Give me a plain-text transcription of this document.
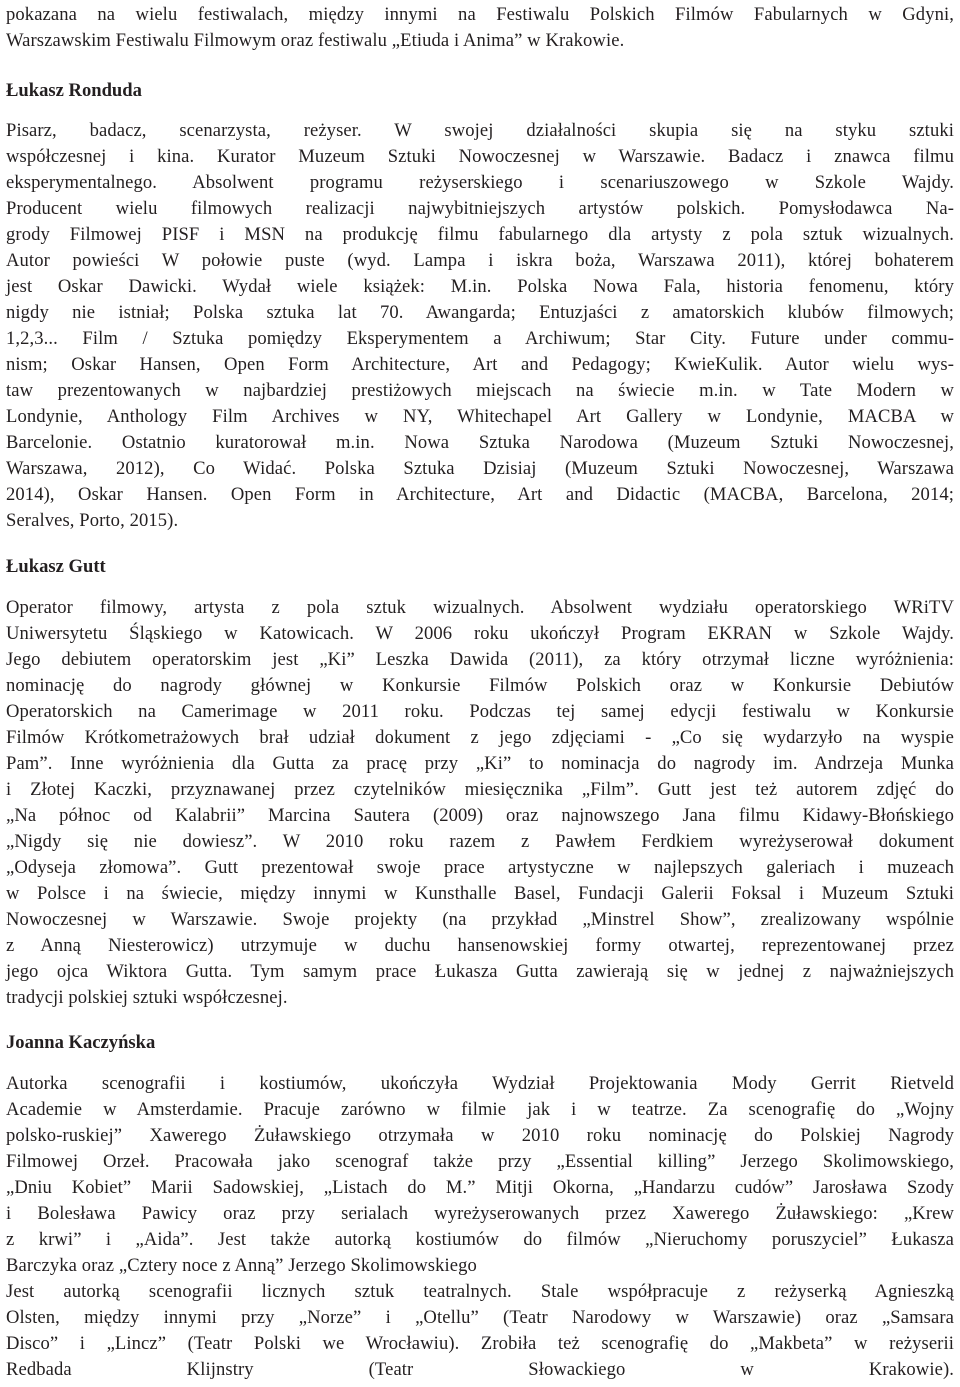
pokazana na wielu festiwalach, między innymi na Festiwalu Polskich Filmów Fabularnych w Gdyni,
Warszawskim Festiwalu Filmowym oraz festiwalu „Etiuda i Anima” w Krakowie.
Łukasz Ronduda
Pisarz, badacz, scenarzysta, reżyser. W swojej działalności skupia się na styku sztuki
współczesnej i kina. Kurator Muzeum Sztuki Nowoczesnej w Warszawie. Badacz i znawca filmu
eksperymentalnego. Absolwent programu reżyserskiego i scenariuszowego w Szkole Wajdy.
Producent wielu filmowych realizacji najwybitniejszych artystów polskich. Pomysłodawca Na-
grody Filmowej PISF i MSN na produkcję filmu fabularnego dla artysty z pola sztuk wizualnych.
Autor powieści W połowie puste (wyd. Lampa i iskra boża, Warszawa 2011), której bohaterem
jest Oskar Dawicki. Wydał wiele książek: M.in. Polska Nowa Fala, historia fenomenu, który
nigdy nie istniał; Polska sztuka lat 70. Awangarda; Entuzjaści z amatorskich klubów filmowych;
1,2,3... Film / Sztuka pomiędzy Eksperymentem a Archiwum; Star City. Future under commu-
nism; Oskar Hansen, Open Form Architecture, Art and Pedagogy; KwieKulik. Autor wielu wys-
taw prezentowanych w najbardziej prestiżowych miejscach na świecie m.in. w Tate Modern w
Londynie, Anthology Film Archives w NY, Whitechapel Art Gallery w Londynie, MACBA w
Barcelonie. Ostatnio kuratorował m.in. Nowa Sztuka Narodowa (Muzeum Sztuki Nowoczesnej,
Warszawa, 2012), Co Widać. Polska Sztuka Dzisiaj (Muzeum Sztuki Nowoczesnej, Warszawa
2014), Oskar Hansen. Open Form in Architecture, Art and Didactic (MACBA, Barcelona, 2014;
Seralves, Porto, 2015).
Łukasz Gutt
Operator filmowy, artysta z pola sztuk wizualnych. Absolwent wydziału operatorskiego WRiTV
Uniwersytetu Śląskiego w Katowicach. W 2006 roku ukończył Program EKRAN w Szkole Wajdy.
Jego debiutem operatorskim jest „Ki” Leszka Dawida (2011), za który otrzymał liczne wyróżnienia:
nominację do nagrody głównej w Konkursie Filmów Polskich oraz w Konkursie Debiutów
Operatorskich na Camerimage w 2011 roku. Podczas tej samej edycji festiwalu w Konkursie
Filmów Krótkometrażowych brał udział dokument z jego zdjęciami - „Co się wydarzyło na wyspie
Pam”. Inne wyróżnienia dla Gutta za pracę przy „Ki” to nominacja do nagrody im. Andrzeja Munka
i Złotej Kaczki, przyznawanej przez czytelników miesięcznika „Film”. Gutt jest też autorem zdjęć do
„Na północ od Kalabrii” Marcina Sautera (2009) oraz najnowszego Jana filmu Kidawy-Błońskiego
„Nigdy się nie dowiesz”. W 2010 roku razem z Pawłem Ferdkiem wyreżyserował dokument
„Odyseja złomowa”. Gutt prezentował swoje prace artystyczne w najlepszych galeriach i muzeach
w Polsce i na świecie, między innymi w Kunsthalle Basel, Fundacji Galerii Foksal i Muzeum Sztuki
Nowoczesnej w Warszawie. Swoje projekty (na przykład „Minstrel Show”, zrealizowany wspólnie
z Anną Niesterowicz) utrzymuje w duchu hansenowskiej formy otwartej, reprezentowanej przez
jego ojca Wiktora Gutta. Tym samym prace Łukasza Gutta zawierają się w jednej z najważniejszych
tradycji polskiej sztuki współczesnej.
Joanna Kaczyńska
Autorka scenografii i kostiumów, ukończyła Wydział Projektowania Mody Gerrit Rietveld
Academie w Amsterdamie. Pracuje zarówno w filmie jak i w teatrze. Za scenografię do „Wojny
polsko-ruskiej” Xawerego Żuławskiego otrzymała w 2010 roku nominację do Polskiej Nagrody
Filmowej Orzeł. Pracowała jako scenograf także przy „Essential killing” Jerzego Skolimowskiego,
„Dniu Kobiet” Marii Sadowskiej, „Listach do M.” Mitji Okorna, „Handarzu cudów” Jarosława Szody
i Bolesława Pawicy oraz przy serialach wyreżyserowanych przez Xawerego Żuławskiego: „Krew
z krwi” i „Aida”. Jest także autorką kostiumów do filmów „Nieruchomy poruszyciel” Łukasza
Barczyka oraz „Cztery noce z Anną” Jerzego Skolimowskiego
Jest autorką scenografii licznych sztuk teatralnych. Stale współpracuje z reżyserką Agnieszką
Olsten, między innymi przy „Norze” i „Otellu” (Teatr Narodowy w Warszawie) oraz „Samsara
Disco” i „Lincz” (Teatr Polski we Wrocławiu). Zrobiła też scenografię do „Makbeta” w reżyserii
Redbada Klijnstry (Teatr Słowackiego w Krakowie).
